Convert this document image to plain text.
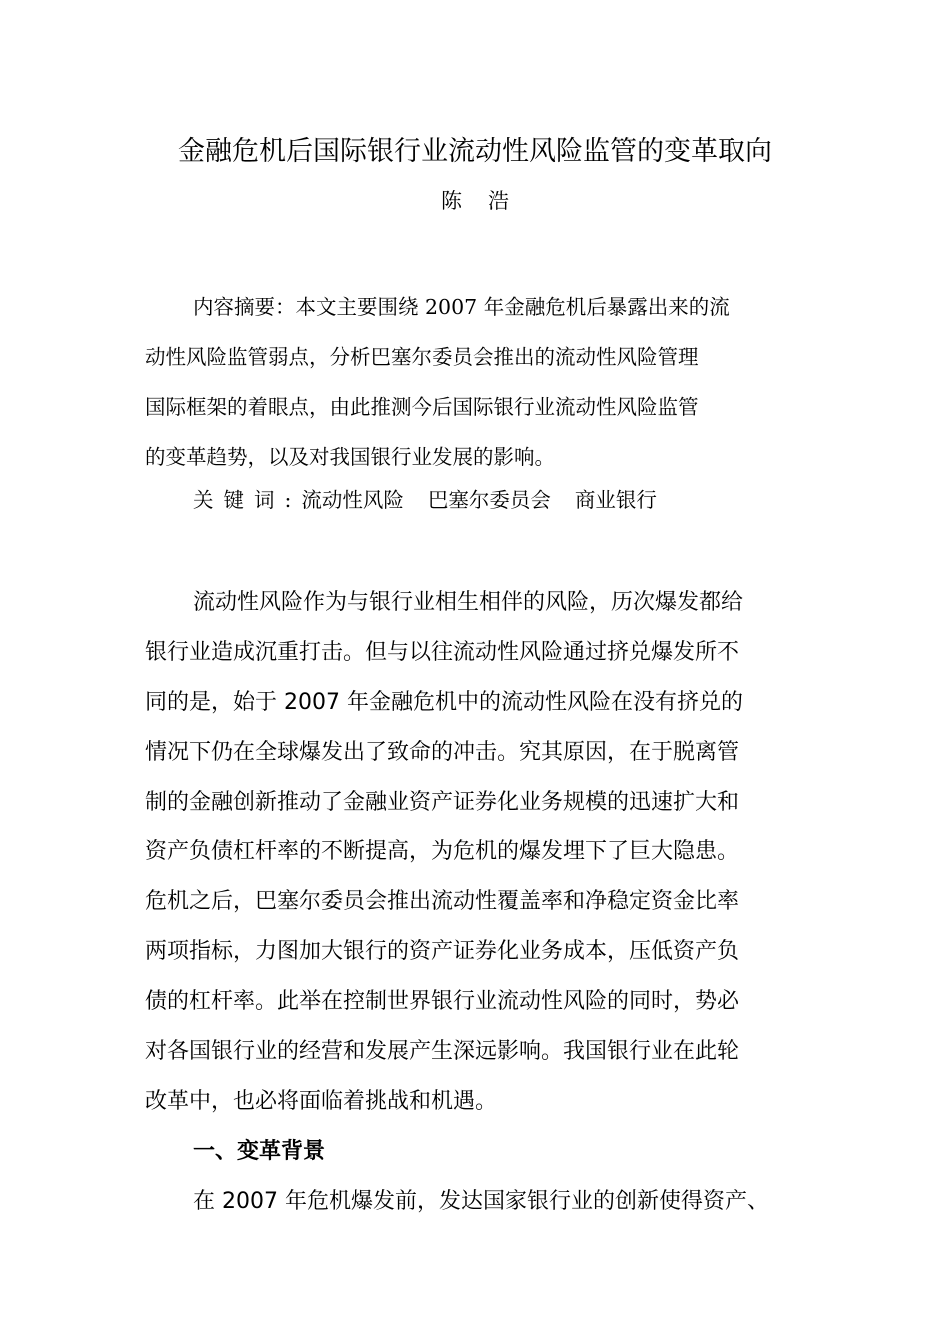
金融危机后国际银行业流动性风险监管的变革取向
陈 浩
内容摘要：本文主要围绕 2007 年金融危机后暴露出来的流
动性风险监管弱点，分析巴塞尔委员会推出的流动性风险管理
国际框架的着眼点，由此推测今后国际银行业流动性风险监管
的变革趋势，以及对我国银行业发展的影响。
关键词:流动性风险 巴塞尔委员会 商业银行
流动性风险作为与银行业相生相伴的风险，历次爆发都给
银行业造成沉重打击。但与以往流动性风险通过挤兑爆发所不
同的是，始于 2007 年金融危机中的流动性风险在没有挤兑的
情况下仍在全球爆发出了致命的冲击。究其原因，在于脱离管
制的金融创新推动了金融业资产证券化业务规模的迅速扩大和
资产负债杠杆率的不断提高，为危机的爆发埋下了巨大隐患。
危机之后，巴塞尔委员会推出流动性覆盖率和净稳定资金比率
两项指标，力图加大银行的资产证券化业务成本，压低资产负
债的杠杆率。此举在控制世界银行业流动性风险的同时，势必
对各国银行业的经营和发展产生深远影响。我国银行业在此轮
改革中，也必将面临着挑战和机遇。
一、变革背景
在 2007 年危机爆发前，发达国家银行业的创新使得资产、
